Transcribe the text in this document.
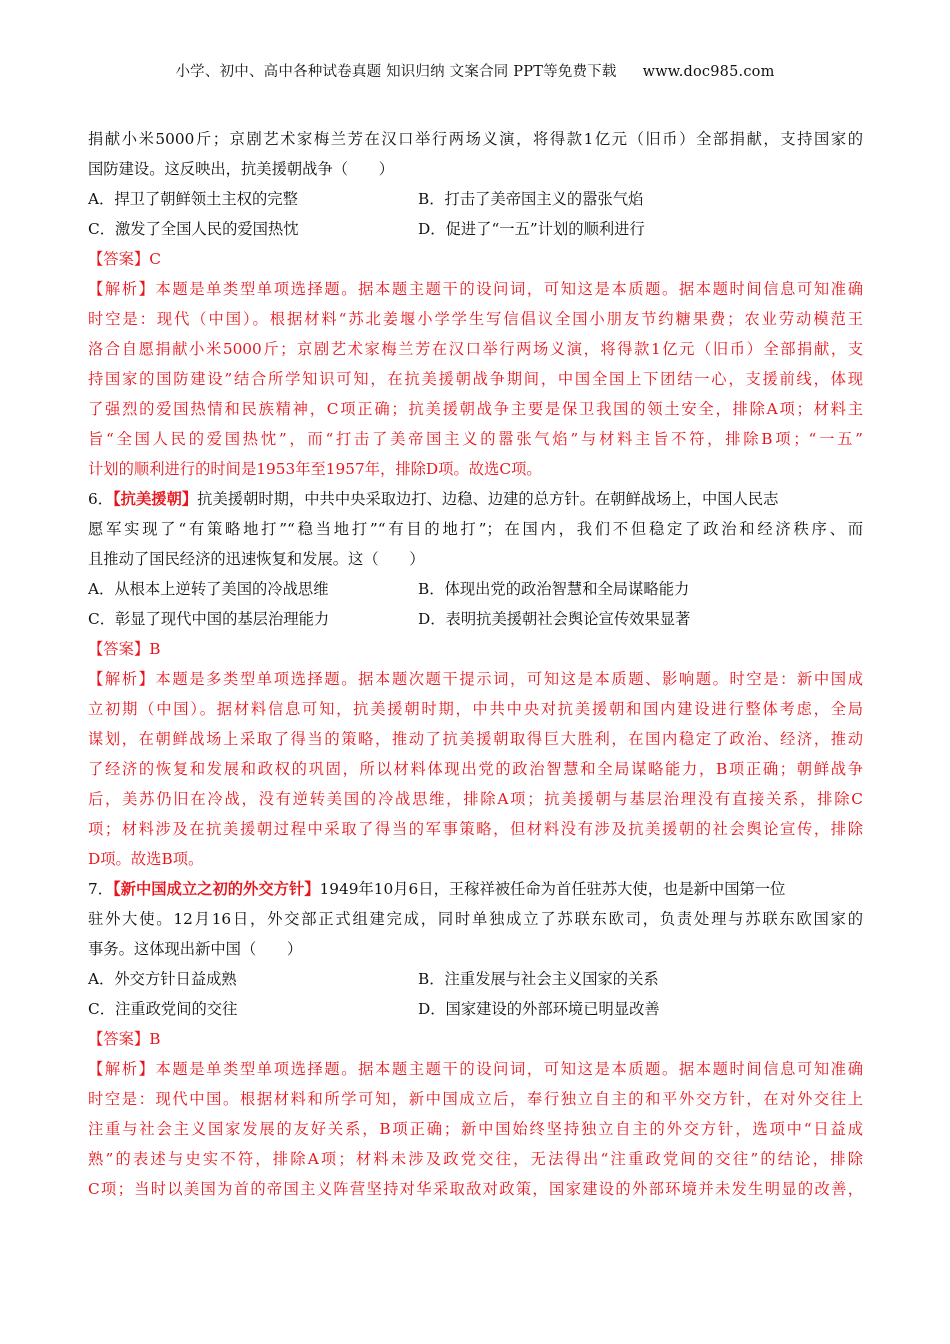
小学、初中、高中各种试卷真题 知识归纳 文案合同 PPT等免费下载 www.doc985.com
捐献小米5000斤；京剧艺术家梅兰芳在汉口举行两场义演，将得款1亿元（旧币）全部捐献，支持国家的
国防建设。这反映出，抗美援朝战争（　　）
A．捍卫了朝鲜领土主权的完整	B．打击了美帝国主义的嚣张气焰
C．激发了全国人民的爱国热忱	D．促进了“一五”计划的顺利进行
【答案】C
【解析】本题是单类型单项选择题。据本题主题干的设问词，可知这是本质题。据本题时间信息可知准确
时空是：现代（中国）。根据材料“苏北姜堰小学学生写信倡议全国小朋友节约糖果费；农业劳动模范王
洛合自愿捐献小米5000斤；京剧艺术家梅兰芳在汉口举行两场义演，将得款1亿元（旧币）全部捐献，支
持国家的国防建设”结合所学知识可知，在抗美援朝战争期间，中国全国上下团结一心，支援前线，体现
了强烈的爱国热情和民族精神，C项正确；抗美援朝战争主要是保卫我国的领土安全，排除A项；材料主
旨“全国人民的爱国热忱”，而“打击了美帝国主义的嚣张气焰”与材料主旨不符，排除B项；“一五”
计划的顺利进行的时间是1953年至1957年，排除D项。故选C项。
6．【抗美援朝】抗美援朝时期，中共中央采取边打、边稳、边建的总方针。在朝鲜战场上，中国人民志
愿军实现了“有策略地打”“稳当地打”“有目的地打”；在国内，我们不但稳定了政治和经济秩序、而
且推动了国民经济的迅速恢复和发展。这（　　）
A．从根本上逆转了美国的冷战思维	B．体现出党的政治智慧和全局谋略能力
C．彰显了现代中国的基层治理能力	D．表明抗美援朝社会舆论宣传效果显著
【答案】B
【解析】本题是多类型单项选择题。据本题次题干提示词，可知这是本质题、影响题。时空是：新中国成
立初期（中国）。据材料信息可知，抗美援朝时期，中共中央对抗美援朝和国内建设进行整体考虑，全局
谋划，在朝鲜战场上采取了得当的策略，推动了抗美援朝取得巨大胜利，在国内稳定了政治、经济，推动
了经济的恢复和发展和政权的巩固，所以材料体现出党的政治智慧和全局谋略能力，B项正确；朝鲜战争
后，美苏仍旧在冷战，没有逆转美国的冷战思维，排除A项；抗美援朝与基层治理没有直接关系，排除C
项；材料涉及在抗美援朝过程中采取了得当的军事策略，但材料没有涉及抗美援朝的社会舆论宣传，排除
D项。故选B项。
7．【新中国成立之初的外交方针】1949年10月6日，王稼祥被任命为首任驻苏大使，也是新中国第一位
驻外大使。12月16日，外交部正式组建完成，同时单独成立了苏联东欧司，负责处理与苏联东欧国家的
事务。这体现出新中国（　　）
A．外交方针日益成熟	B．注重发展与社会主义国家的关系
C．注重政党间的交往	D．国家建设的外部环境已明显改善
【答案】B
【解析】本题是单类型单项选择题。据本题主题干的设问词，可知这是本质题。据本题时间信息可知准确
时空是：现代中国。根据材料和所学可知，新中国成立后，奉行独立自主的和平外交方针，在对外交往上
注重与社会主义国家发展的友好关系，B项正确；新中国始终坚持独立自主的外交方针，选项中“日益成
熟”的表述与史实不符，排除A项；材料未涉及政党交往，无法得出“注重政党间的交往”的结论，排除
C项；当时以美国为首的帝国主义阵营坚持对华采取敌对政策，国家建设的外部环境并未发生明显的改善，
